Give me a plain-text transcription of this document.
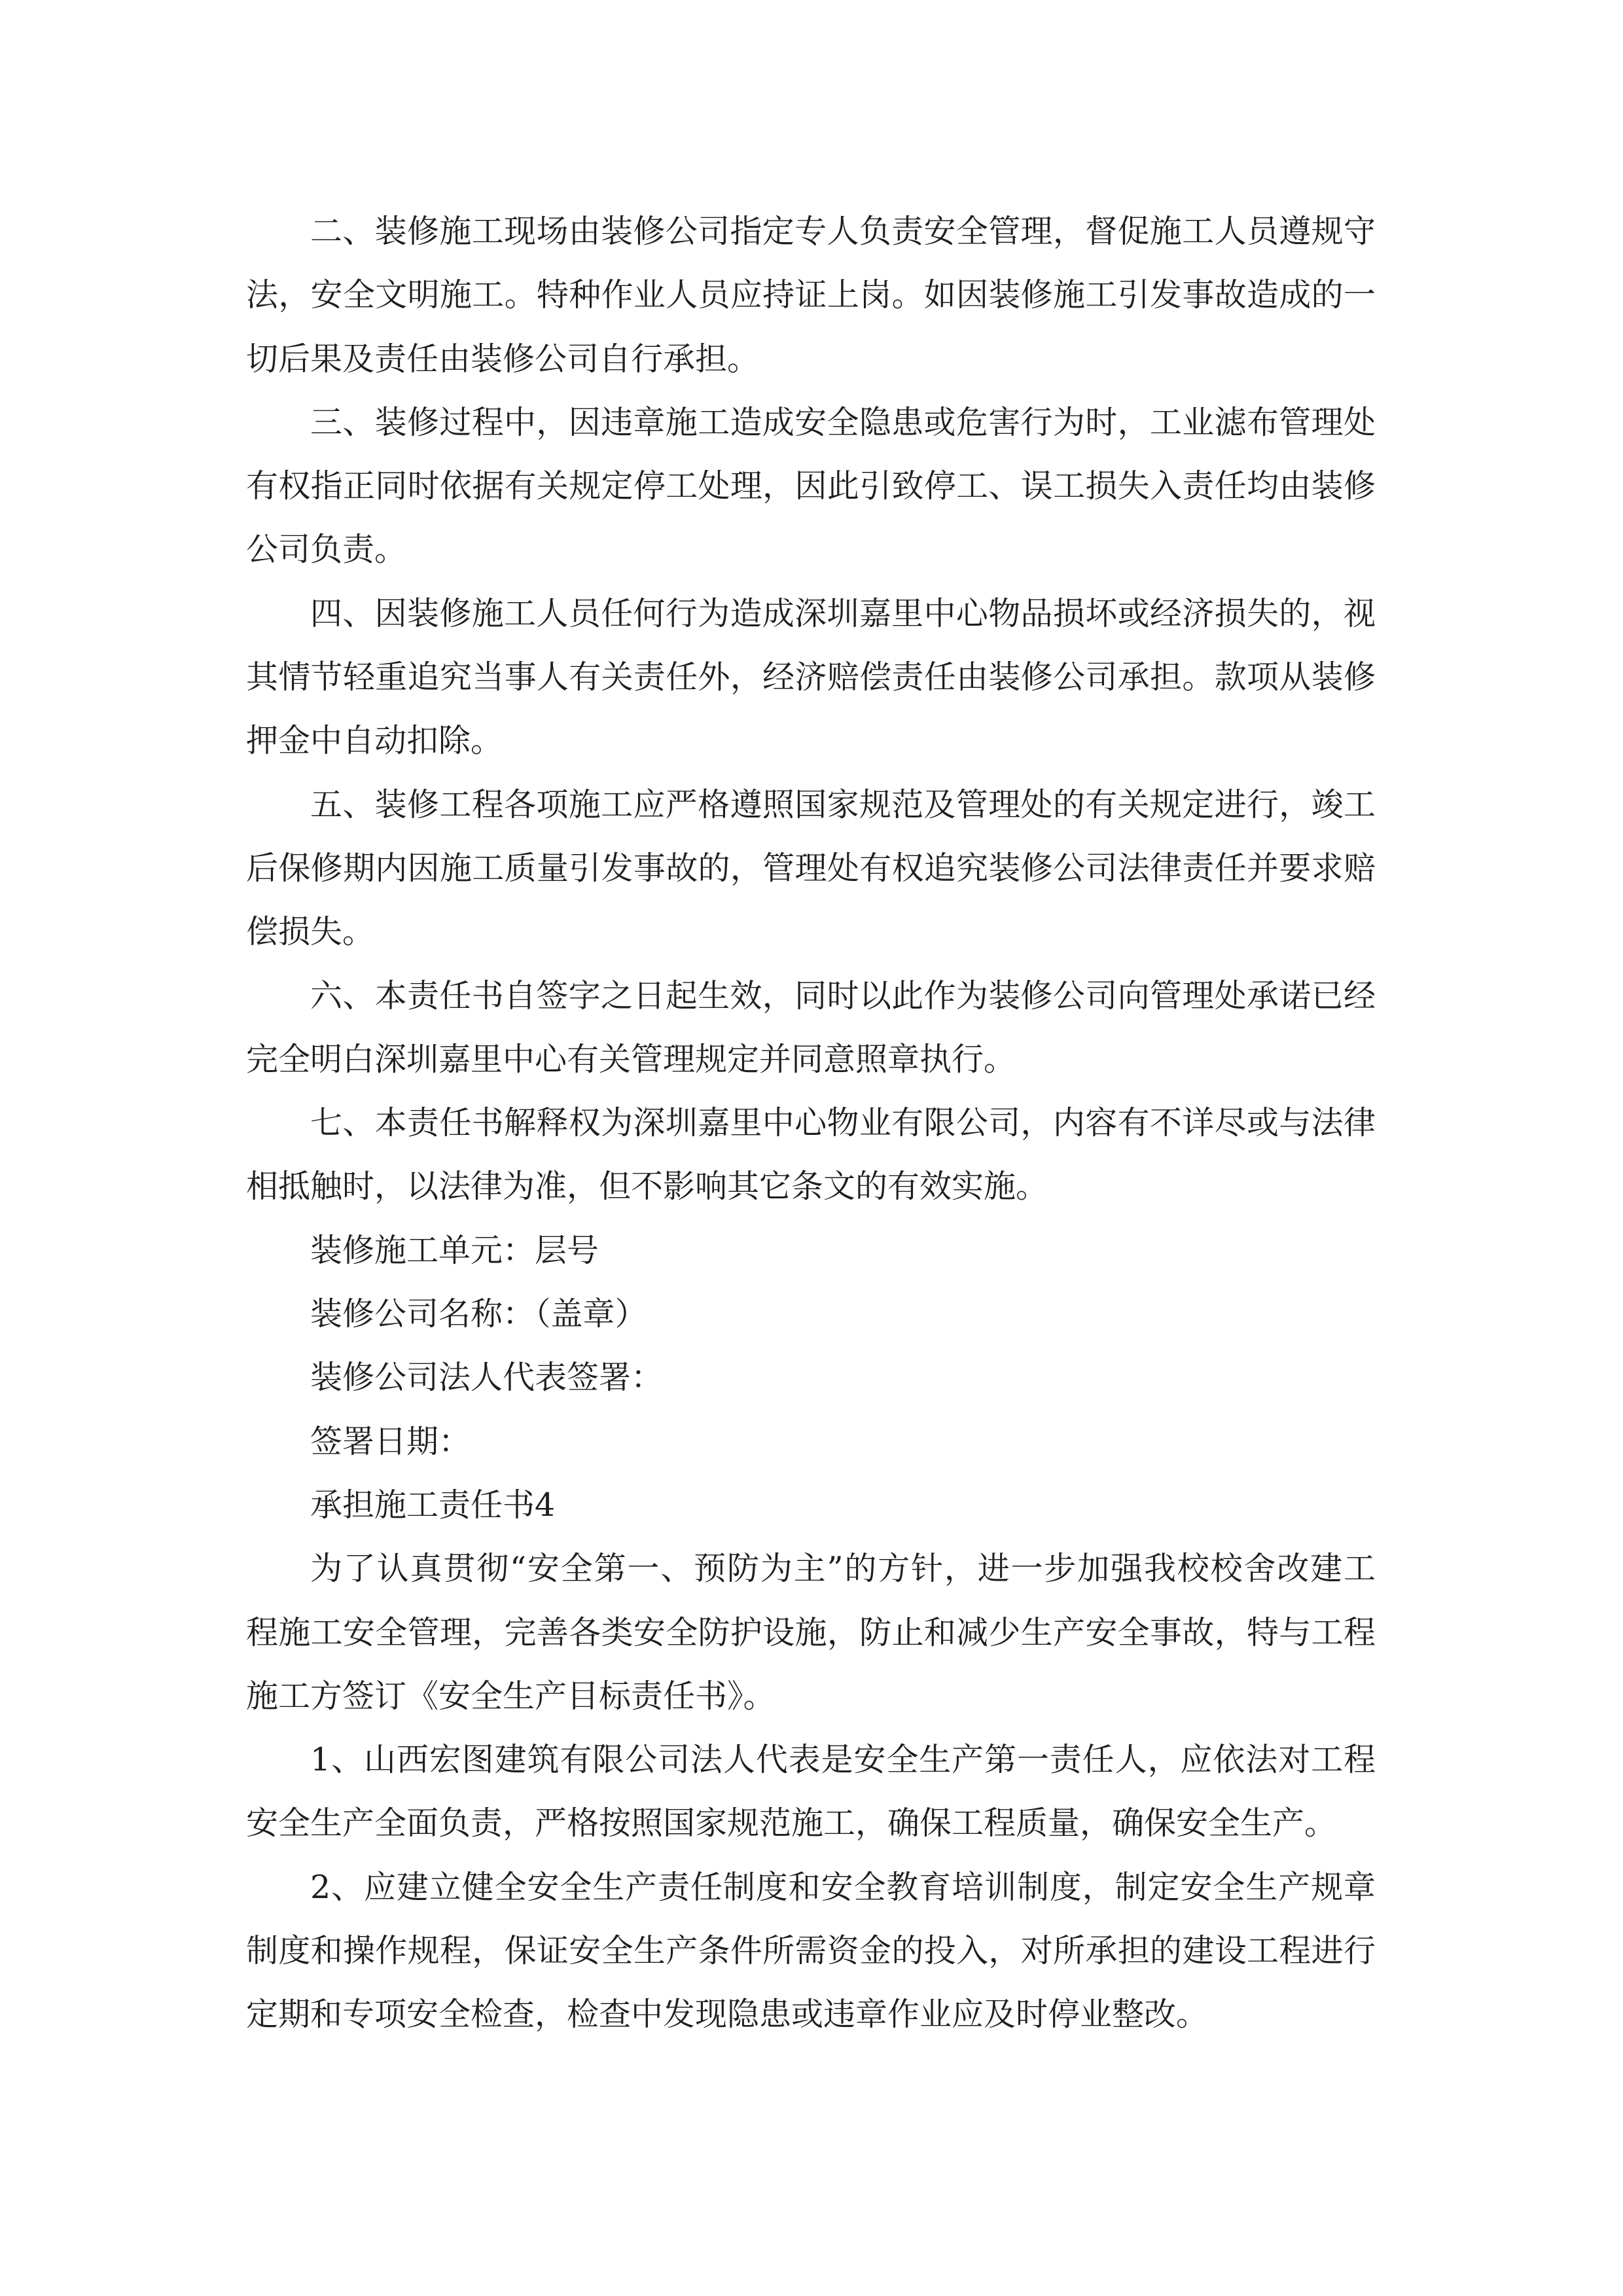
二、装修施工现场由装修公司指定专人负责安全管理，督促施工人员遵规守
法，安全文明施工。特种作业人员应持证上岗。如因装修施工引发事故造成的一
切后果及责任由装修公司自行承担。
三、装修过程中，因违章施工造成安全隐患或危害行为时，工业滤布管理处
有权指正同时依据有关规定停工处理，因此引致停工、误工损失入责任均由装修
公司负责。
四、因装修施工人员任何行为造成深圳嘉里中心物品损坏或经济损失的，视
其情节轻重追究当事人有关责任外，经济赔偿责任由装修公司承担。款项从装修
押金中自动扣除。
五、装修工程各项施工应严格遵照国家规范及管理处的有关规定进行，竣工
后保修期内因施工质量引发事故的，管理处有权追究装修公司法律责任并要求赔
偿损失。
六、本责任书自签字之日起生效，同时以此作为装修公司向管理处承诺已经
完全明白深圳嘉里中心有关管理规定并同意照章执行。
七、本责任书解释权为深圳嘉里中心物业有限公司，内容有不详尽或与法律
相抵触时，以法律为准，但不影响其它条文的有效实施。
装修施工单元：层号
装修公司名称：（盖章）
装修公司法人代表签署：
签署日期：
承担施工责任书4
为了认真贯彻“安全第一、预防为主”的方针，进一步加强我校校舍改建工
程施工安全管理，完善各类安全防护设施，防止和减少生产安全事故，特与工程
施工方签订《安全生产目标责任书》。
1、山西宏图建筑有限公司法人代表是安全生产第一责任人，应依法对工程
安全生产全面负责，严格按照国家规范施工，确保工程质量，确保安全生产。
2、应建立健全安全生产责任制度和安全教育培训制度，制定安全生产规章
制度和操作规程，保证安全生产条件所需资金的投入，对所承担的建设工程进行
定期和专项安全检查，检查中发现隐患或违章作业应及时停业整改。
